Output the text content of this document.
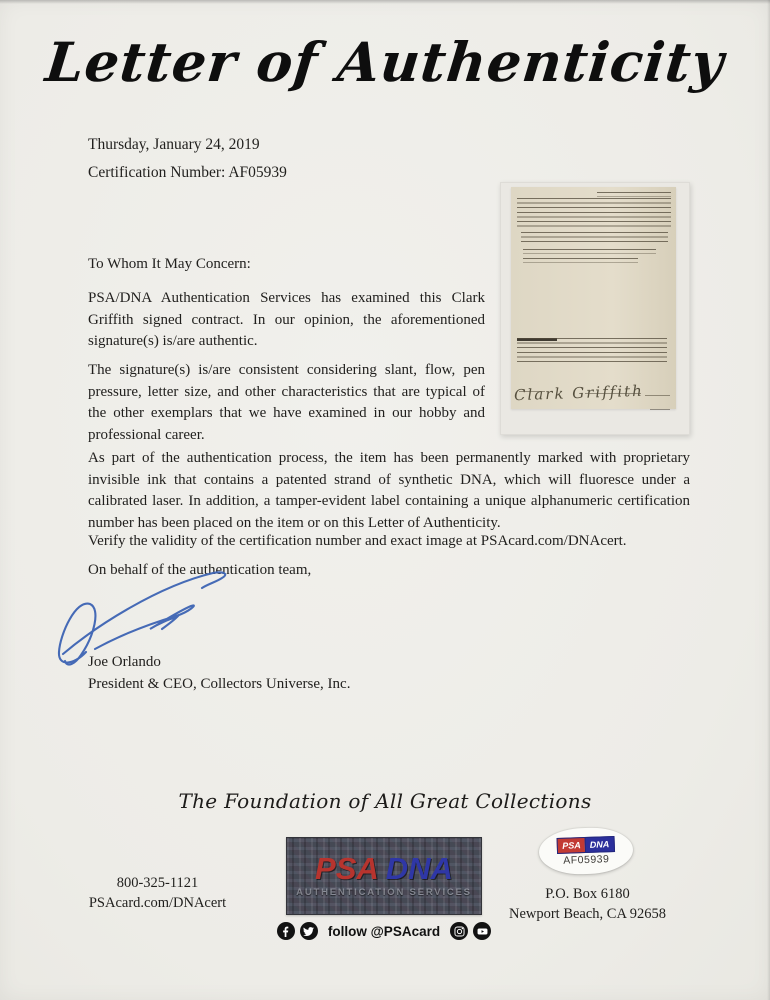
Letter of Authenticity
Thursday, January 24, 2019
Certification Number: AF05939
Clark Griffith
To Whom It May Concern:
PSA/DNA Authentication Services has examined this Clark Griffith signed contract. In our opinion, the aforementioned signature(s) is/are authentic.
The signature(s) is/are consistent considering slant, flow, pen pressure, letter size, and other characteristics that are typical of the other exemplars that we have examined in our hobby and professional career.
As part of the authentication process, the item has been permanently marked with proprietary invisible ink that contains a patented strand of synthetic DNA, which will fluoresce under a calibrated laser. In addition, a tamper-evident label containing a unique alphanumeric certification number has been placed on the item or on this Letter of Authenticity.
Verify the validity of the certification number and exact image at PSAcard.com/DNAcert.
On behalf of the authentication team,
Joe Orlando
President & CEO, Collectors Universe, Inc.
The Foundation of All Great Collections
800-325-1121
PSAcard.com/DNAcert
PSA DNA
AUTHENTICATION SERVICES
follow @PSAcard
PSA DNA
AF05939
P.O. Box 6180
Newport Beach, CA 92658
